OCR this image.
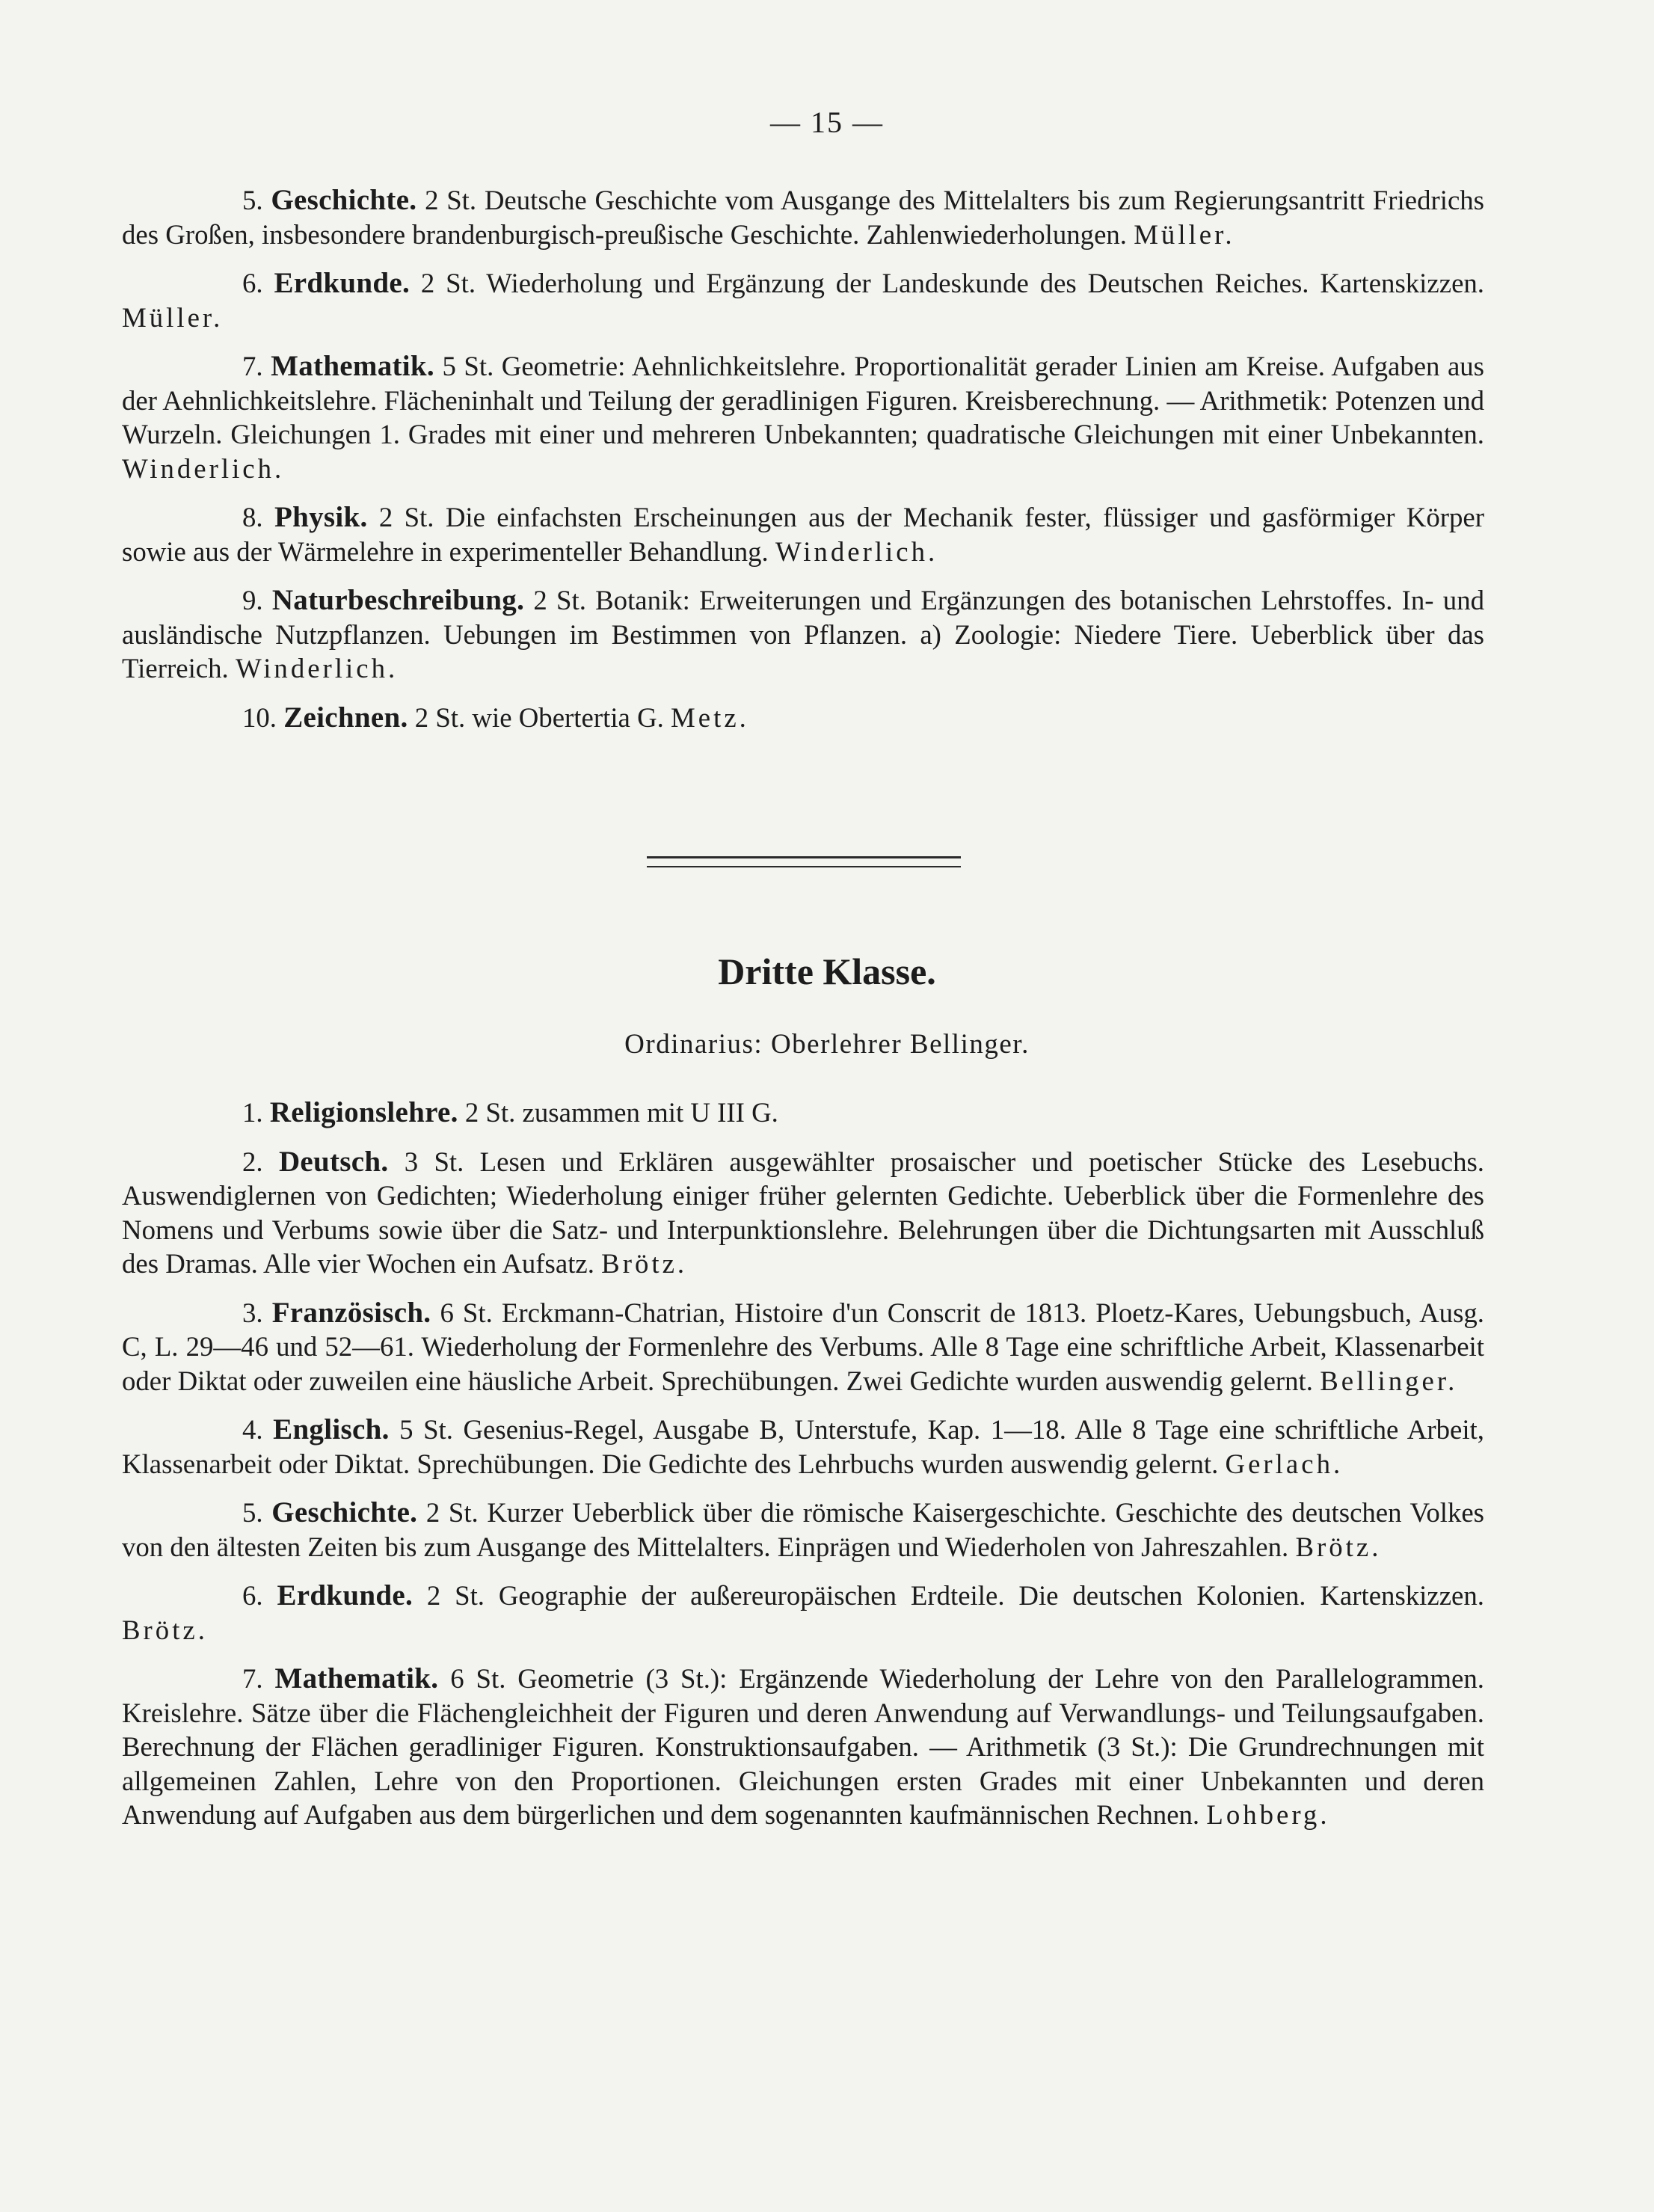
— 15 —

5. Geschichte. 2 St. Deutsche Geschichte vom Ausgange des Mittelalters bis zum Regierungsantritt Friedrichs des Großen, insbesondere brandenburgisch-preußische Geschichte. Zahlenwiederholungen. Müller.

6. Erdkunde. 2 St. Wiederholung und Ergänzung der Landeskunde des Deutschen Reiches. Kartenskizzen. Müller.

7. Mathematik. 5 St. Geometrie: Aehnlichkeitslehre. Proportionalität gerader Linien am Kreise. Aufgaben aus der Aehnlichkeitslehre. Flächeninhalt und Teilung der geradlinigen Figuren. Kreisberechnung. — Arithmetik: Potenzen und Wurzeln. Gleichungen 1. Grades mit einer und mehreren Unbekannten; quadratische Gleichungen mit einer Unbekannten. Winderlich.

8. Physik. 2 St. Die einfachsten Erscheinungen aus der Mechanik fester, flüssiger und gasförmiger Körper sowie aus der Wärmelehre in experimenteller Behandlung. Winderlich.

9. Naturbeschreibung. 2 St. Botanik: Erweiterungen und Ergänzungen des botanischen Lehrstoffes. In- und ausländische Nutzpflanzen. Uebungen im Bestimmen von Pflanzen. a) Zoologie: Niedere Tiere. Ueberblick über das Tierreich. Winderlich.

10. Zeichnen. 2 St. wie Obertertia G. Metz.

Dritte Klasse.
Ordinarius: Oberlehrer Bellinger.

1. Religionslehre. 2 St. zusammen mit U III G.

2. Deutsch. 3 St. Lesen und Erklären ausgewählter prosaischer und poetischer Stücke des Lesebuchs. Auswendiglernen von Gedichten; Wiederholung einiger früher gelernten Gedichte. Ueberblick über die Formenlehre des Nomens und Verbums sowie über die Satz- und Interpunktionslehre. Belehrungen über die Dichtungsarten mit Ausschluß des Dramas. Alle vier Wochen ein Aufsatz. Brötz.

3. Französisch. 6 St. Erckmann-Chatrian, Histoire d'un Conscrit de 1813. Ploetz-Kares, Uebungsbuch, Ausg. C, L. 29—46 und 52—61. Wiederholung der Formenlehre des Verbums. Alle 8 Tage eine schriftliche Arbeit, Klassenarbeit oder Diktat oder zuweilen eine häusliche Arbeit. Sprechübungen. Zwei Gedichte wurden auswendig gelernt. Bellinger.

4. Englisch. 5 St. Gesenius-Regel, Ausgabe B, Unterstufe, Kap. 1—18. Alle 8 Tage eine schriftliche Arbeit, Klassenarbeit oder Diktat. Sprechübungen. Die Gedichte des Lehrbuchs wurden auswendig gelernt. Gerlach.

5. Geschichte. 2 St. Kurzer Ueberblick über die römische Kaisergeschichte. Geschichte des deutschen Volkes von den ältesten Zeiten bis zum Ausgange des Mittelalters. Einprägen und Wiederholen von Jahreszahlen. Brötz.

6. Erdkunde. 2 St. Geographie der außereuropäischen Erdteile. Die deutschen Kolonien. Kartenskizzen. Brötz.

7. Mathematik. 6 St. Geometrie (3 St.): Ergänzende Wiederholung der Lehre von den Parallelogrammen. Kreislehre. Sätze über die Flächengleichheit der Figuren und deren Anwendung auf Verwandlungs- und Teilungsaufgaben. Berechnung der Flächen geradliniger Figuren. Konstruktionsaufgaben. — Arithmetik (3 St.): Die Grundrechnungen mit allgemeinen Zahlen, Lehre von den Proportionen. Gleichungen ersten Grades mit einer Unbekannten und deren Anwendung auf Aufgaben aus dem bürgerlichen und dem sogenannten kaufmännischen Rechnen. Lohberg.
